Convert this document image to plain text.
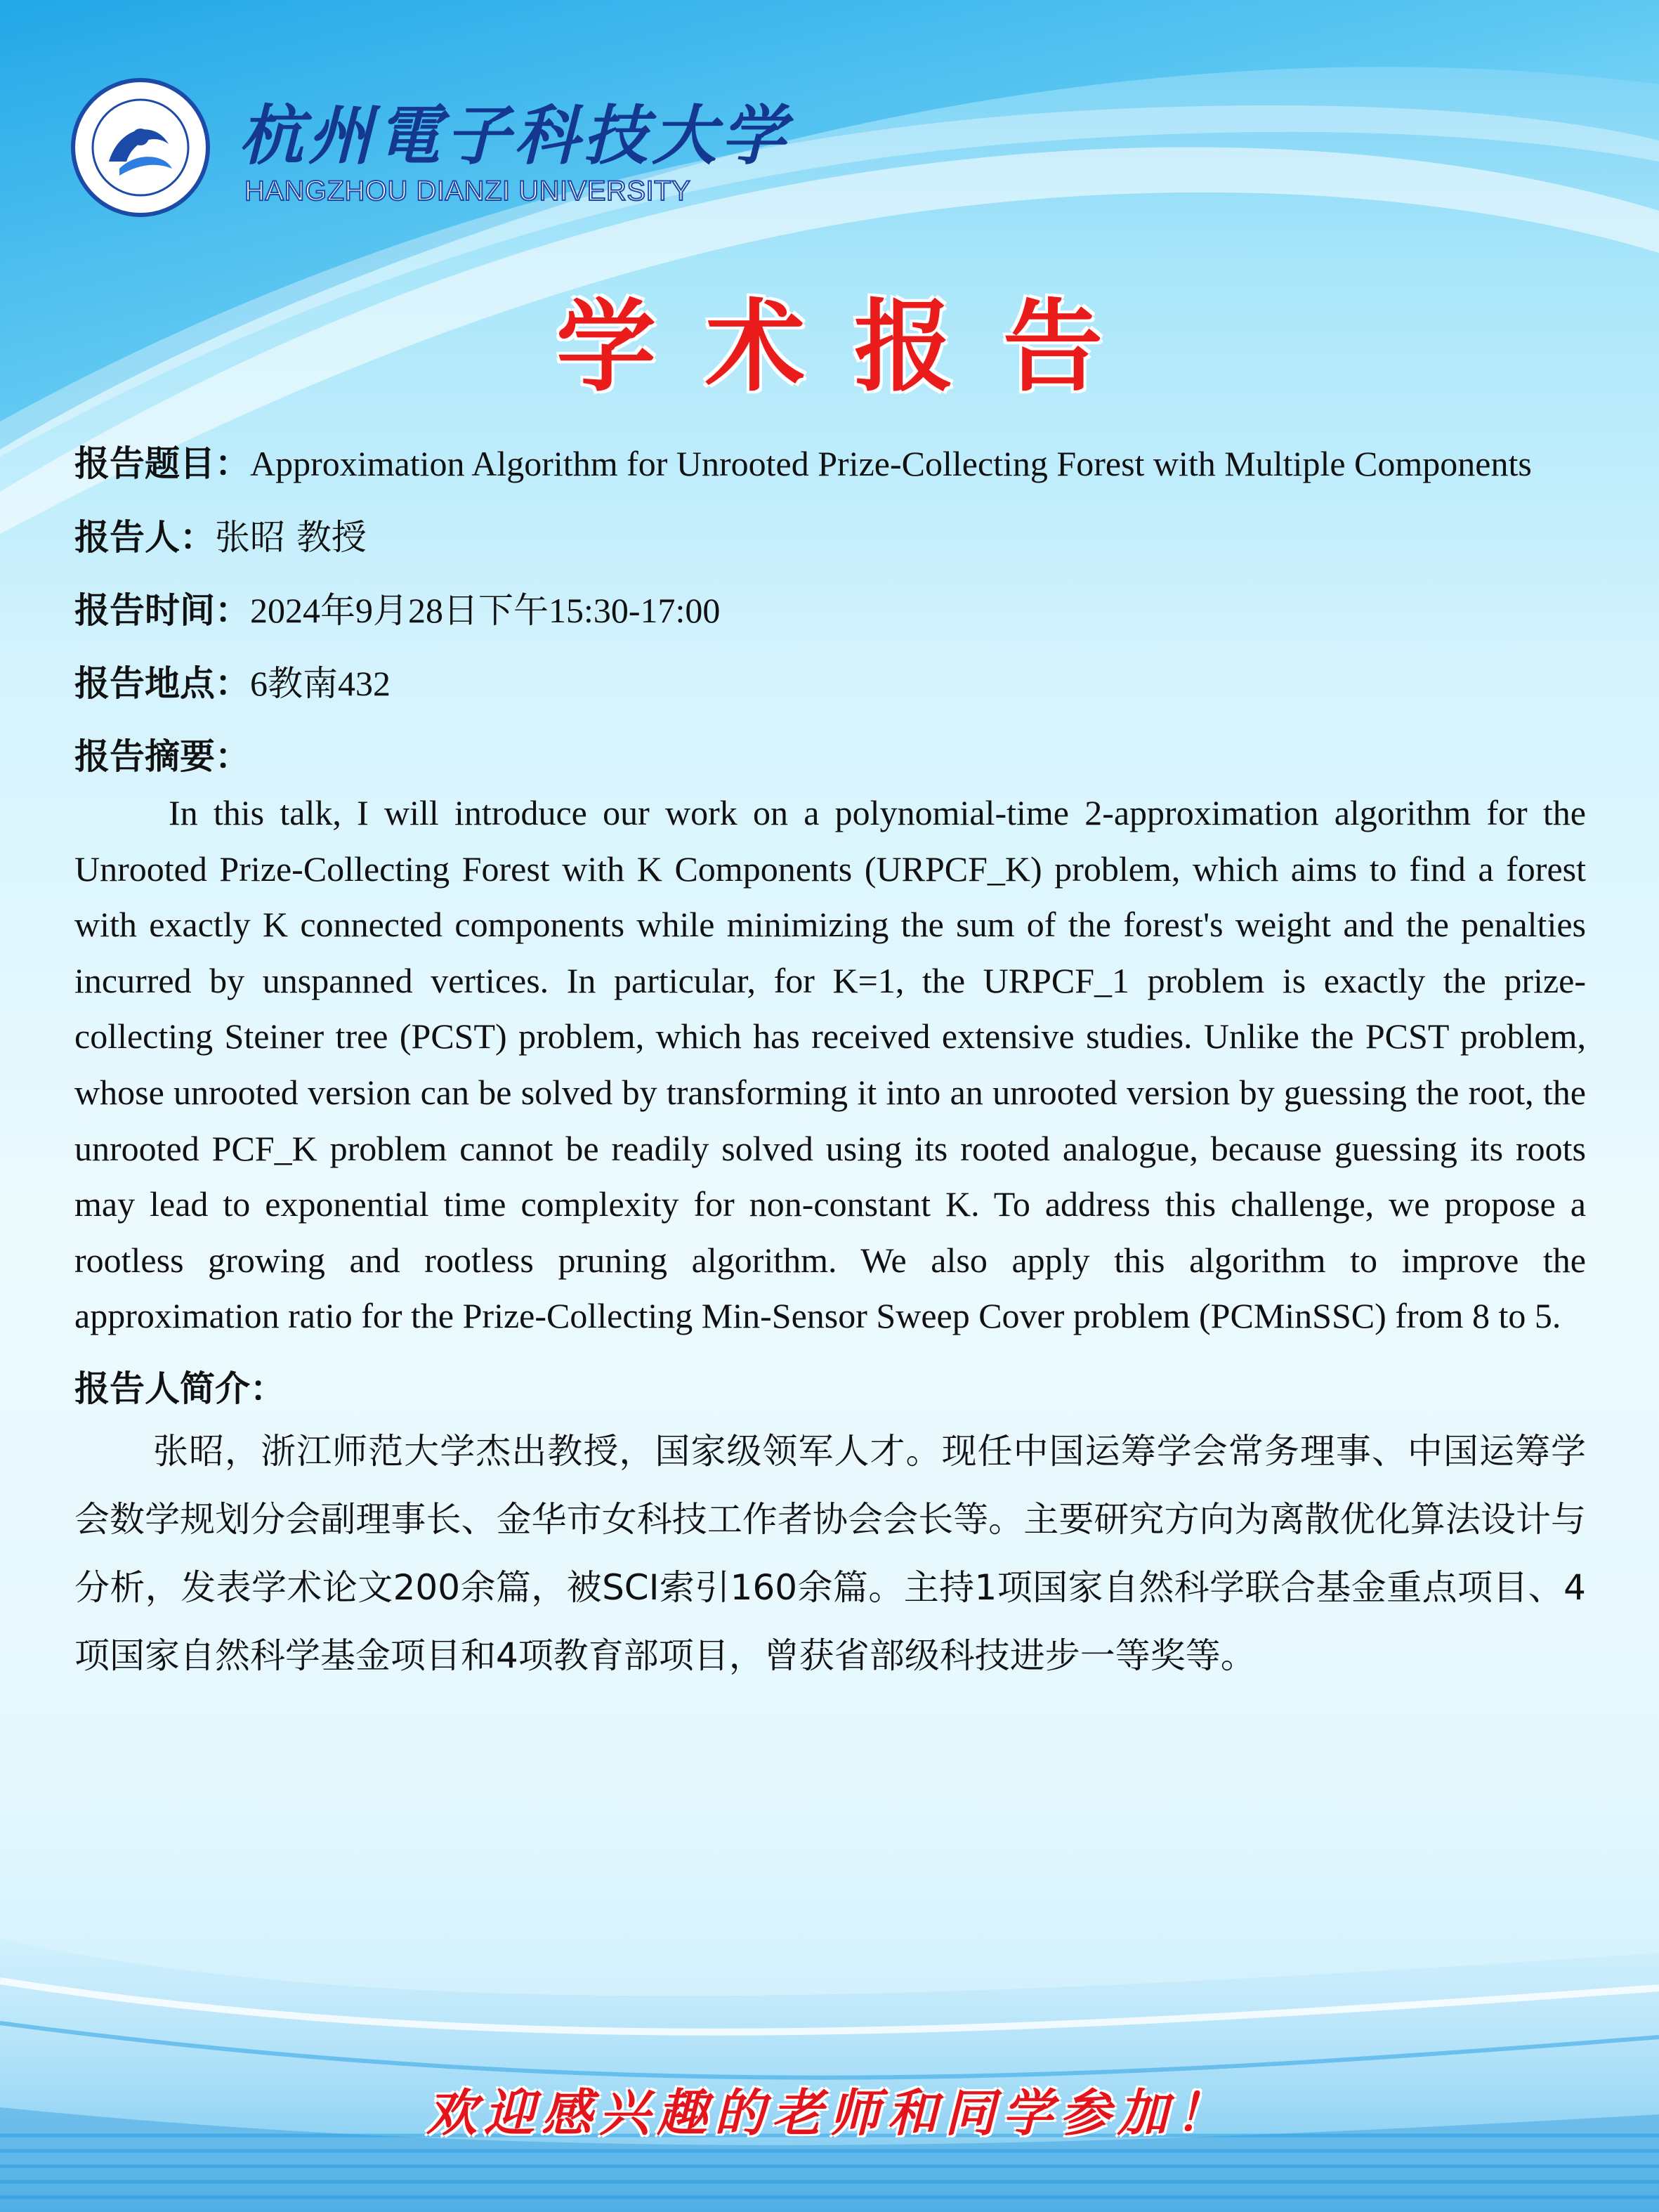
杭州電子科技大学
HANGZHOU DIANZI UNIVERSITY
学术报告

报告题目：Approximation Algorithm for Unrooted Prize-Collecting Forest with Multiple Components

报告人：张昭 教授

报告时间：2024年9月28日下午15:30-17:00

报告地点：6教南432

报告摘要：

In this talk, I will introduce our work on a polynomial-time 2-approximation algorithm for the Unrooted Prize-Collecting Forest with K Components (URPCF_K) problem, which aims to find a forest with exactly K connected components while minimizing the sum of the forest's weight and the penalties incurred by unspanned vertices. In particular, for K=1, the URPCF_1 problem is exactly the prize-collecting Steiner tree (PCST) problem, which has received extensive studies. Unlike the PCST problem, whose unrooted version can be solved by transforming it into an unrooted version by guessing the root, the unrooted PCF_K problem cannot be readily solved using its rooted analogue, because guessing its roots may lead to exponential time complexity for non-constant K. To address this challenge, we propose a rootless growing and rootless pruning algorithm. We also apply this algorithm to improve the approximation ratio for the Prize-Collecting Min-Sensor Sweep Cover problem (PCMinSSC) from 8 to 5.

报告人简介：

张昭，浙江师范大学杰出教授，国家级领军人才。现任中国运筹学会常务理事、中国运筹学会数学规划分会副理事长、金华市女科技工作者协会会长等。主要研究方向为离散优化算法设计与分析，发表学术论文200余篇，被SCI索引160余篇。主持1项国家自然科学联合基金重点项目、4项国家自然科学基金项目和4项教育部项目，曾获省部级科技进步一等奖等。

欢迎感兴趣的老师和同学参加！
